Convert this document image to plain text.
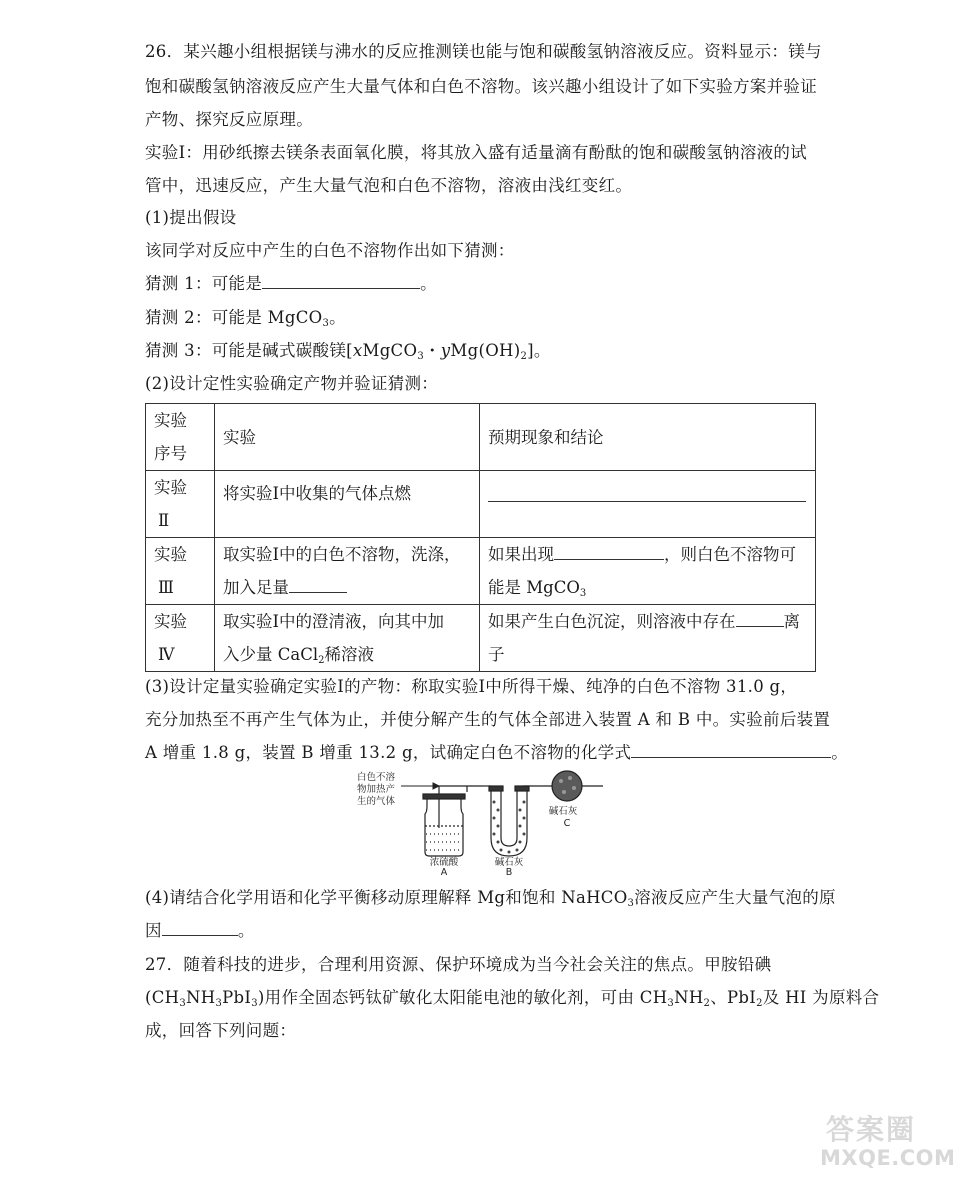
26．某兴趣小组根据镁与沸水的反应推测镁也能与饱和碳酸氢钠溶液反应。资料显示：镁与
饱和碳酸氢钠溶液反应产生大量气体和白色不溶物。该兴趣小组设计了如下实验方案并验证
产物、探究反应原理。
实验Ⅰ：用砂纸擦去镁条表面氧化膜，将其放入盛有适量滴有酚酞的饱和碳酸氢钠溶液的试
管中，迅速反应，产生大量气泡和白色不溶物，溶液由浅红变红。
(1)提出假设
该同学对反应中产生的白色不溶物作出如下猜测：
猜测 1：可能是	。
猜测 2：可能是 MgCO$_3$。
猜测 3：可能是碱式碳酸镁[xMgCO$_3$・$yMg(OH)_2$]。
(2)设计定性实验确定产物并验证猜测：
实验
序号	实验	预期现象和结论
实验
Ⅱ	将实验Ⅰ中收集的气体点燃	

实验
Ⅲ	取实验Ⅰ中的白色不溶物，洗涤，
加入足量	如果出现 ，则白色不溶物可
能是 MgCO$_3$
实验
Ⅳ	取实验Ⅰ中的澄清液，向其中加
入少量 CaCl$_2$稀溶液	如果产生白色沉淀，则溶液中存在 离
子
(3)设计定量实验确定实验Ⅰ的产物：称取实验Ⅰ中所得干燥、纯净的白色不溶物 31.0 g，
充分加热至不再产生气体为止，并使分解产生的气体全部进入装置 A 和 B 中。实验前后装置
A 增重 1.8 g，装置 B 增重 13.2 g，试确定白色不溶物的化学式	。
白色不溶
物加热产
生的气体
碱石灰
C
浓硫酸
A
碱石灰
B
(4)请结合化学用语和化学平衡移动原理解释 Mg和饱和 NaHCO$_3$溶液反应产生大量气泡的原
因	。
27．随着科技的进步，合理利用资源、保护环境成为当今社会关注的焦点。甲胺铅碘
$(CH_3NH_3PbI_3)$用作全固态钙钛矿敏化太阳能电池的敏化剂，可由 $CH_3NH_2$、PbI$_2$及 HI 为原料合
成，回答下列问题：
答案圈
MXQE.COM
